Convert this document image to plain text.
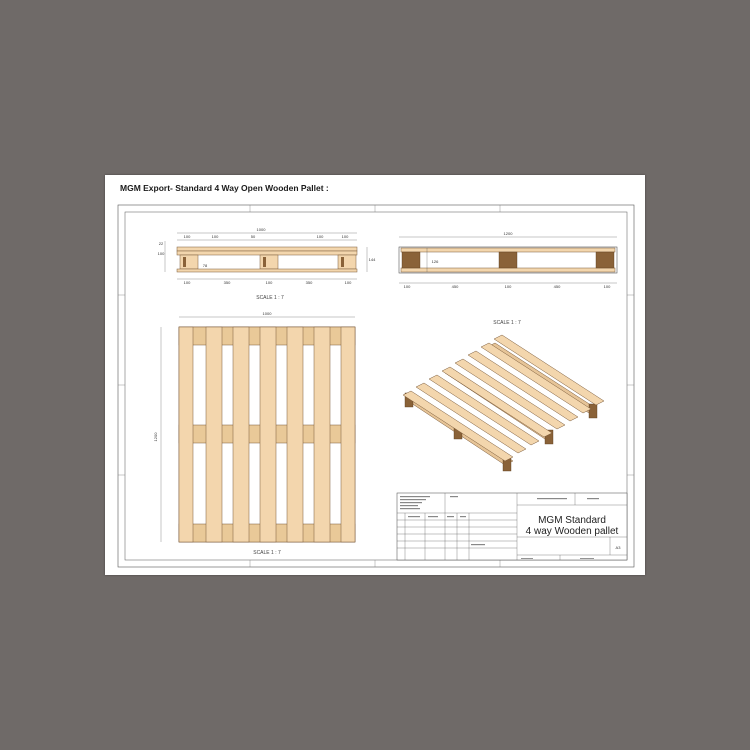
MGM Export- Standard 4 Way Open Wooden Pallet :
1000
100	100	50	100	100
100	350	100	350	100
22
100
78
144
SCALE 1 : 7
1200
126
100	450	100	450	100
SCALE 1 : 7
1000
1200
SCALE 1 : 7
MGM Standard
4 way Wooden pallet
A3
